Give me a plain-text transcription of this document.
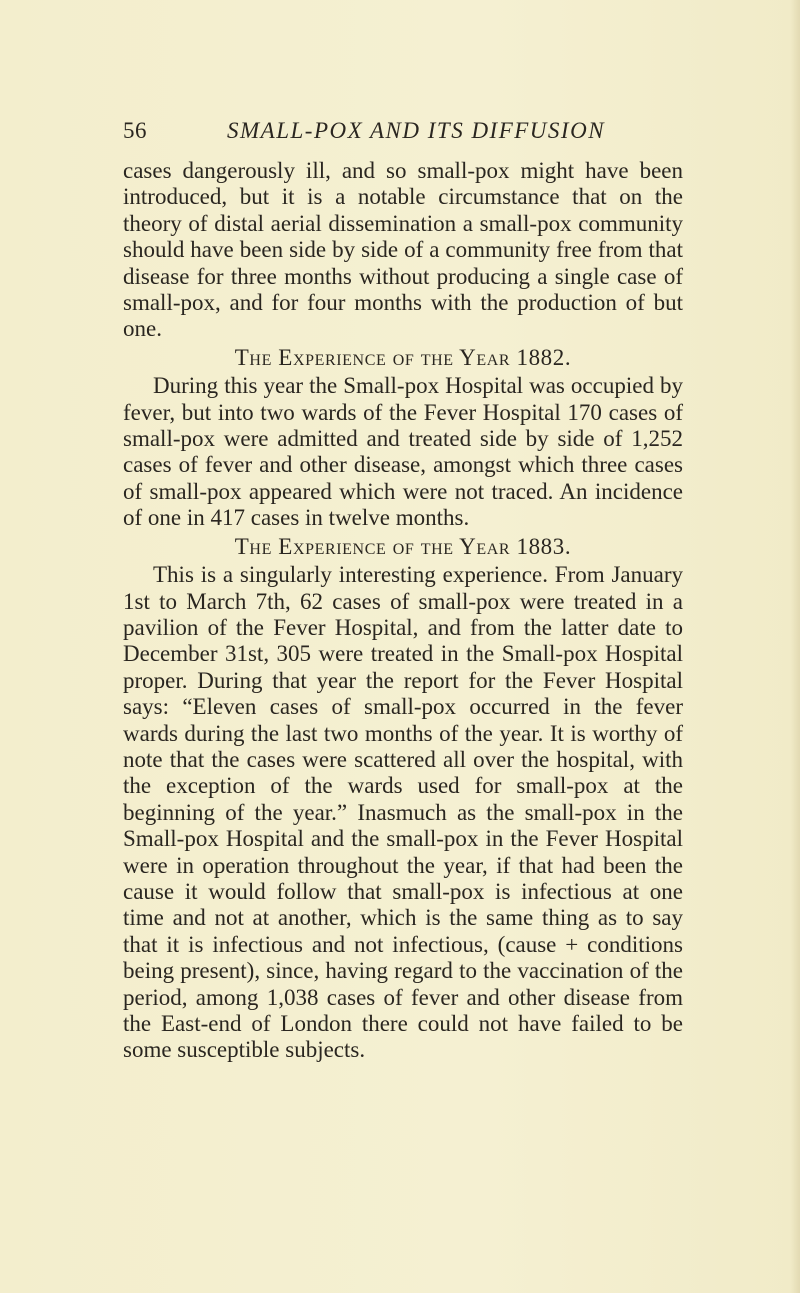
56	SMALL-POX AND ITS DIFFUSION

cases dangerously ill, and so small-pox might have been introduced, but it is a notable circumstance that on the theory of distal aerial dissemination a small-pox community should have been side by side of a community free from that disease for three months without producing a single case of small-pox, and for four months with the production of but one.

The Experience of the Year 1882.

During this year the Small-pox Hospital was occupied by fever, but into two wards of the Fever Hospital 170 cases of small-pox were admitted and treated side by side of 1,252 cases of fever and other disease, amongst which three cases of small-pox appeared which were not traced. An incidence of one in 417 cases in twelve months.

The Experience of the Year 1883.

This is a singularly interesting experience. From January 1st to March 7th, 62 cases of small-pox were treated in a pavilion of the Fever Hospital, and from the latter date to December 31st, 305 were treated in the Small-pox Hospital proper. During that year the report for the Fever Hospital says: “Eleven cases of small-pox occurred in the fever wards during the last two months of the year. It is worthy of note that the cases were scattered all over the hospital, with the exception of the wards used for small-pox at the beginning of the year.” Inasmuch as the small-pox in the Small-pox Hospital and the small-pox in the Fever Hospital were in operation throughout the year, if that had been the cause it would follow that small-pox is infectious at one time and not at another, which is the same thing as to say that it is infectious and not infectious, (cause + conditions being present), since, having regard to the vaccination of the period, among 1,038 cases of fever and other disease from the East-end of London there could not have failed to be some susceptible subjects.
